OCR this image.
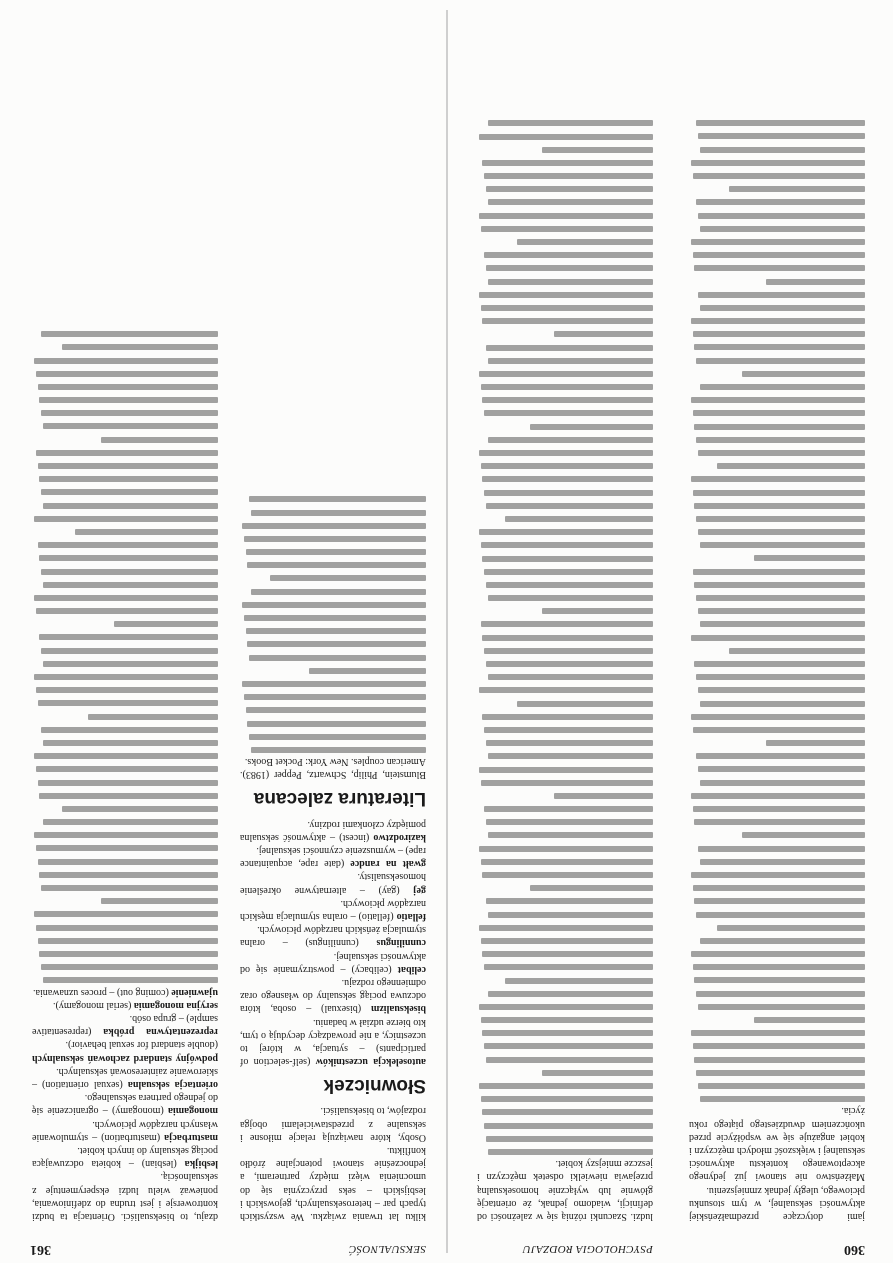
360
PSYCHOLOGIA RODZAJU

jami dotyczące przedmałżeńskiej aktywności seksualnej, w tym stosunku płciowego, uległy jednak zmniejszeniu.

Małżeństwo nie stanowi już jedynego akceptowanego kontekstu aktywności seksualnej i większość młodych mężczyzn i kobiet angażuje się we współżycie przed ukończeniem dwudziestego piątego roku życia.

ludzi. Szacunki różnią się w zależności od definicji, wiadomo jednak, że orientację głównie lub wyłącznie homoseksualną przejawia niewielki odsetek mężczyzn i jeszcze mniejszy kobiet.

SEKSUALNOŚĆ
361

kilku lat trwania związku. We wszystkich typach par – heteroseksualnych, gejowskich i lesbijskich – seks przyczynia się do umocnienia więzi między partnerami, a jednocześnie stanowi potencjalne źródło konfliktu.

Osoby, które nawiązują relacje miłosne i seksualne z przedstawicielami obojga rodzajów, to biseksualiści.

Słowniczek

autoselekcja uczestników (self-selection of participants) – sytuacja, w której to uczestnicy, a nie prowadzący decydują o tym, kto bierze udział w badaniu.

biseksualizm (bisexual) – osoba, która odczuwa pociąg seksualny do własnego oraz odmiennego rodzaju.

celibat (celibacy) – powstrzymanie się od aktywności seksualnej.

cunnilingus (cunnilingus) – oralna stymulacja żeńskich narządów płciowych.

fellatio (fellatio) – oralna stymulacja męskich narządów płciowych.

gej (gay) – alternatywne określenie homoseksualisty.

gwałt na randce (date rape, acquaintance rape) – wymuszenie czynności seksualnej.

kazirodztwo (incest) – aktywność seksualna pomiędzy członkami rodziny.

Literatura zalecana

Blumstein, Philip, Schwartz, Pepper (1983). American couples. New York: Pocket Books.

dzaju, to biseksualiści. Orientacja ta budzi kontrowersje i jest trudna do zdefiniowania, ponieważ wielu ludzi eksperymentuje z seksualnością.

lesbijka (lesbian) – kobieta odczuwająca pociąg seksualny do innych kobiet.

masturbacja (masturbation) – stymulowanie własnych narządów płciowych.

monogamia (monogamy) – ograniczenie się do jednego partnera seksualnego.

orientacja seksualna (sexual orientation) – skierowanie zainteresowań seksualnych.

podwójny standard zachowań seksualnych (double standard for sexual behavior).

reprezentatywna próbka (representative sample) – grupa osób.

seryjna monogamia (serial monogamy).

ujawnienie (coming out) – proces uznawania.
